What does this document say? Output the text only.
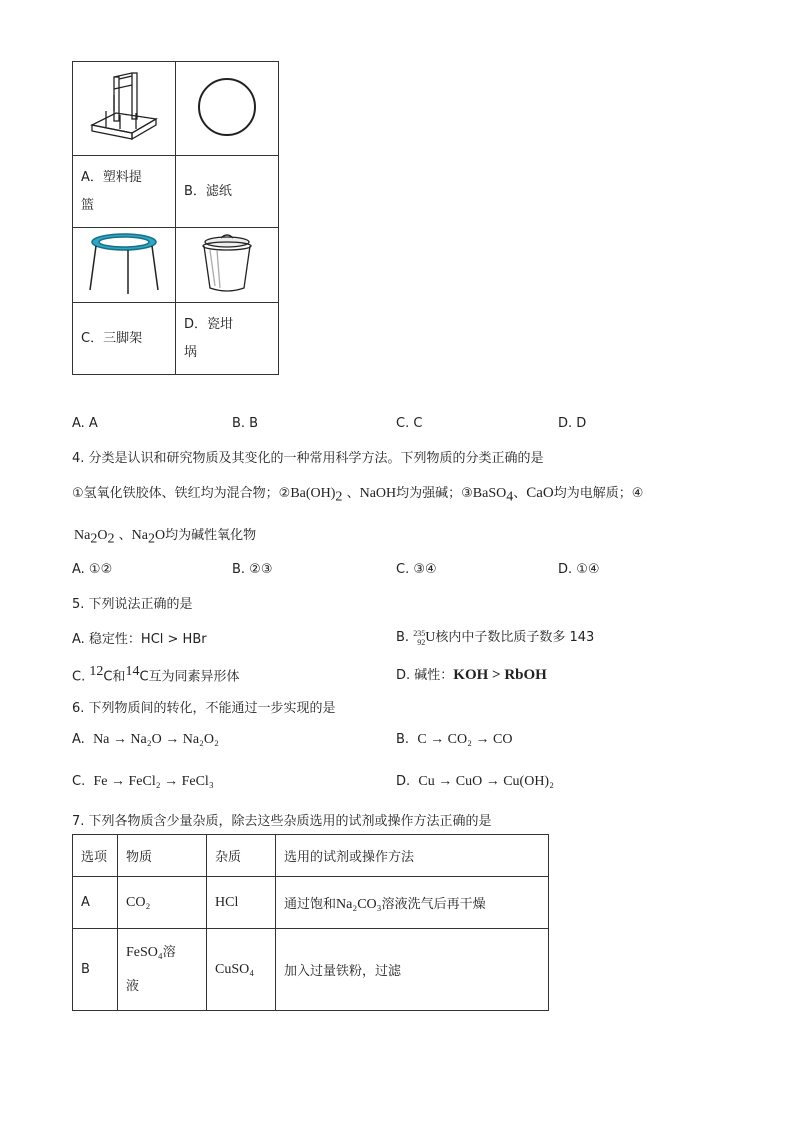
A．塑料提
篮	B．滤纸

C．三脚架	D．瓷坩
埚
A. A	B. B	C. C	D. D
4. 分类是认识和研究物质及其变化的一种常用科学方法。下列物质的分类正确的是
①氢氧化铁胶体、铁红均为混合物；$②Ba(OH)_2$ 、NaOH均为强碱；③BaSO$_4$、CaO均为电解质；④
$Na_2O_2$ 、$Na_2O$均为碱性氧化物
A. ①②	B. ②③	C. ③④	D. ①④
5. 下列说法正确的是
A. 稳定性：HCl > HBr	B. 235
92U核内中子数比质子数多 143
C. $^{12}$C和$^{14}$C互为同素异形体	D. 碱性：KOH > RbOH
6. 下列物质间的转化，不能通过一步实现的是
A. Na → Na₂O → Na₂O₂	B. C → CO₂ → CO
C. Fe → FeCl₂ → FeCl₃	D. Cu → CuO → Cu(OH)₂
7. 下列各物质含少量杂质，除去这些杂质选用的试剂或操作方法正确的是
选项	物质	杂质	选用的试剂或操作方法
A	CO₂	HCl	通过饱和Na₂CO₃溶液洗气后再干燥
B	FeSO₄溶
液	CuSO₄	加入过量铁粉，过滤
